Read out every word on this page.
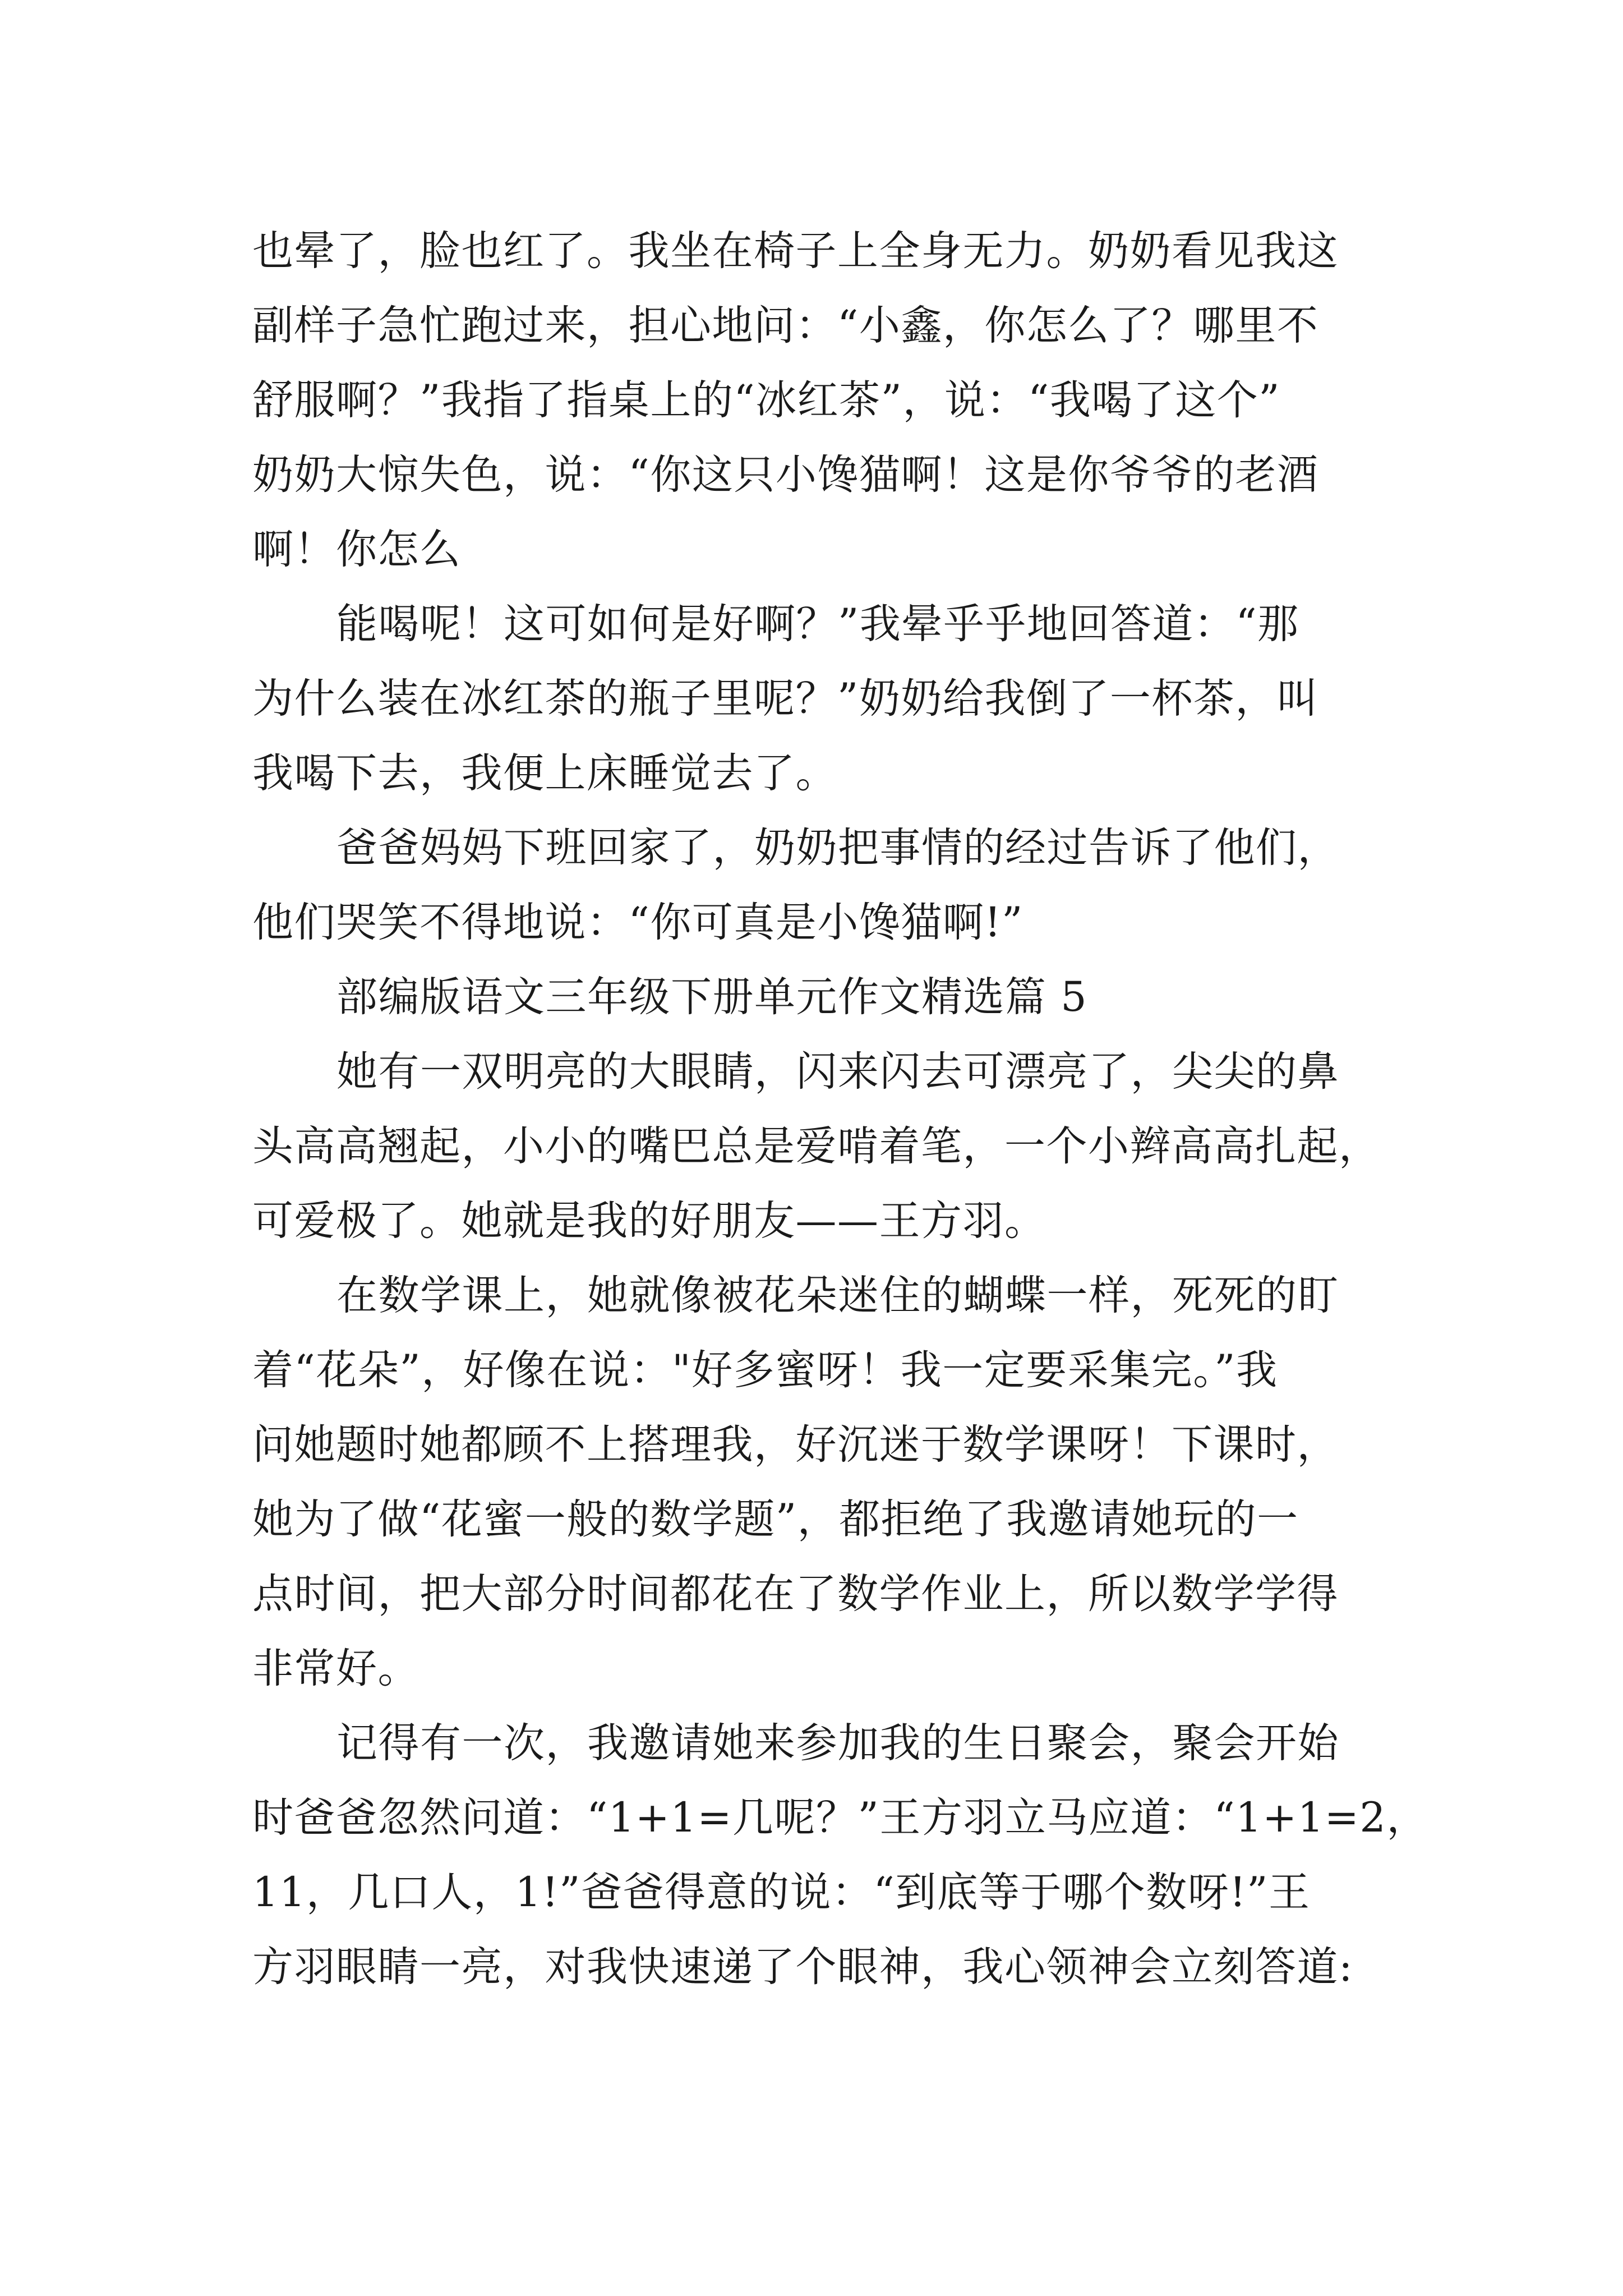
也晕了，脸也红了。我坐在椅子上全身无力。奶奶看见我这
副样子急忙跑过来，担心地问：“小鑫，你怎么了？哪里不
舒服啊？”我指了指桌上的“冰红茶”，说：“我喝了这个”
奶奶大惊失色，说：“你这只小馋猫啊！这是你爷爷的老酒
啊！你怎么
能喝呢！这可如何是好啊？”我晕乎乎地回答道：“那
为什么装在冰红茶的瓶子里呢？”奶奶给我倒了一杯茶，叫
我喝下去，我便上床睡觉去了。
爸爸妈妈下班回家了，奶奶把事情的经过告诉了他们，
他们哭笑不得地说：“你可真是小馋猫啊!”
部编版语文三年级下册单元作文精选篇 5
她有一双明亮的大眼睛，闪来闪去可漂亮了，尖尖的鼻
头高高翘起，小小的嘴巴总是爱啃着笔，一个小辫高高扎起，
可爱极了。她就是我的好朋友——王方羽。
在数学课上，她就像被花朵迷住的蝴蝶一样，死死的盯
着“花朵”，好像在说："好多蜜呀！我一定要采集完。”我
问她题时她都顾不上搭理我，好沉迷于数学课呀！下课时，
她为了做“花蜜一般的数学题”，都拒绝了我邀请她玩的一
点时间，把大部分时间都花在了数学作业上，所以数学学得
非常好。
记得有一次，我邀请她来参加我的生日聚会，聚会开始
时爸爸忽然问道：“1+1=几呢？”王方羽立马应道：“1+1=2，
11，几口人，1!”爸爸得意的说：“到底等于哪个数呀!”王
方羽眼睛一亮，对我快速递了个眼神，我心领神会立刻答道:
